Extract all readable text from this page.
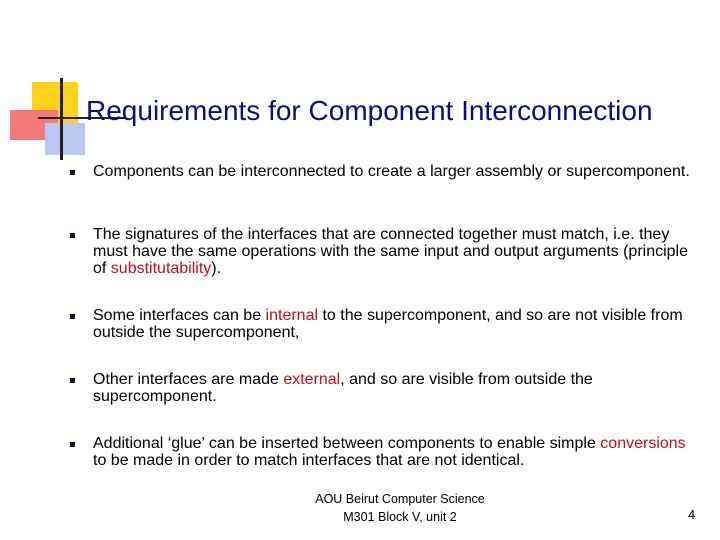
Requirements for Component Interconnection
Components can be interconnected to create a larger assembly or supercomponent.
The signatures of the interfaces that are connected together must match, i.e. they must have the same operations with the same input and output arguments (principle of substitutability).
Some interfaces can be internal to the supercomponent, and so are not visible from outside the supercomponent,
Other interfaces are made external, and so are visible from outside the supercomponent.
Additional ‘glue’ can be inserted between components to enable simple conversions to be made in order to match interfaces that are not identical.
AOU Beirut Computer Science
M301 Block V, unit 2	4
